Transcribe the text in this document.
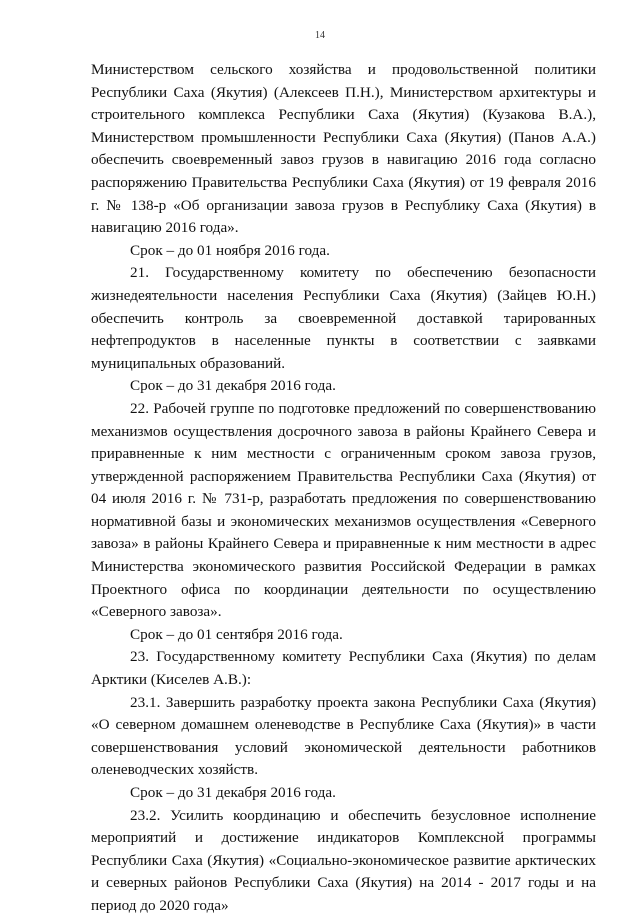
14

Министерством сельского хозяйства и продовольственной политики Республики Саха (Якутия) (Алексеев П.Н.), Министерством архитектуры и строительного комплекса Республики Саха (Якутия) (Кузакова В.А.), Министерством промышленности Республики Саха (Якутия) (Панов А.А.) обеспечить своевременный завоз грузов в навигацию 2016 года согласно распоряжению Правительства Республики Саха (Якутия) от 19 февраля 2016 г. № 138-р «Об организации завоза грузов в Республику Саха (Якутия) в навигацию 2016 года».

Срок – до 01 ноября 2016 года.

21. Государственному комитету по обеспечению безопасности жизнедеятельности населения Республики Саха (Якутия) (Зайцев Ю.Н.) обеспечить контроль за своевременной доставкой тарированных нефтепродуктов в населенные пункты в соответствии с заявками муниципальных образований.

Срок – до 31 декабря 2016 года.

22. Рабочей группе по подготовке предложений по совершенствованию механизмов осуществления досрочного завоза в районы Крайнего Севера и приравненные к ним местности с ограниченным сроком завоза грузов, утвержденной распоряжением Правительства Республики Саха (Якутия) от 04 июля 2016 г. № 731-р, разработать предложения по совершенствованию нормативной базы и экономических механизмов осуществления «Северного завоза» в районы Крайнего Севера и приравненные к ним местности в адрес Министерства экономического развития Российской Федерации в рамках Проектного офиса по координации деятельности по осуществлению «Северного завоза».

Срок – до 01 сентября 2016 года.

23. Государственному комитету Республики Саха (Якутия) по делам Арктики (Киселев А.В.):

23.1. Завершить разработку проекта закона Республики Саха (Якутия) «О северном домашнем оленеводстве в Республике Саха (Якутия)» в части совершенствования условий экономической деятельности работников оленеводческих хозяйств.

Срок – до 31 декабря 2016 года.

23.2. Усилить координацию и обеспечить безусловное исполнение мероприятий и достижение индикаторов Комплексной программы Республики Саха (Якутия) «Социально-экономическое развитие арктических и северных районов Республики Саха (Якутия) на 2014 - 2017 годы и на период до 2020 года»
